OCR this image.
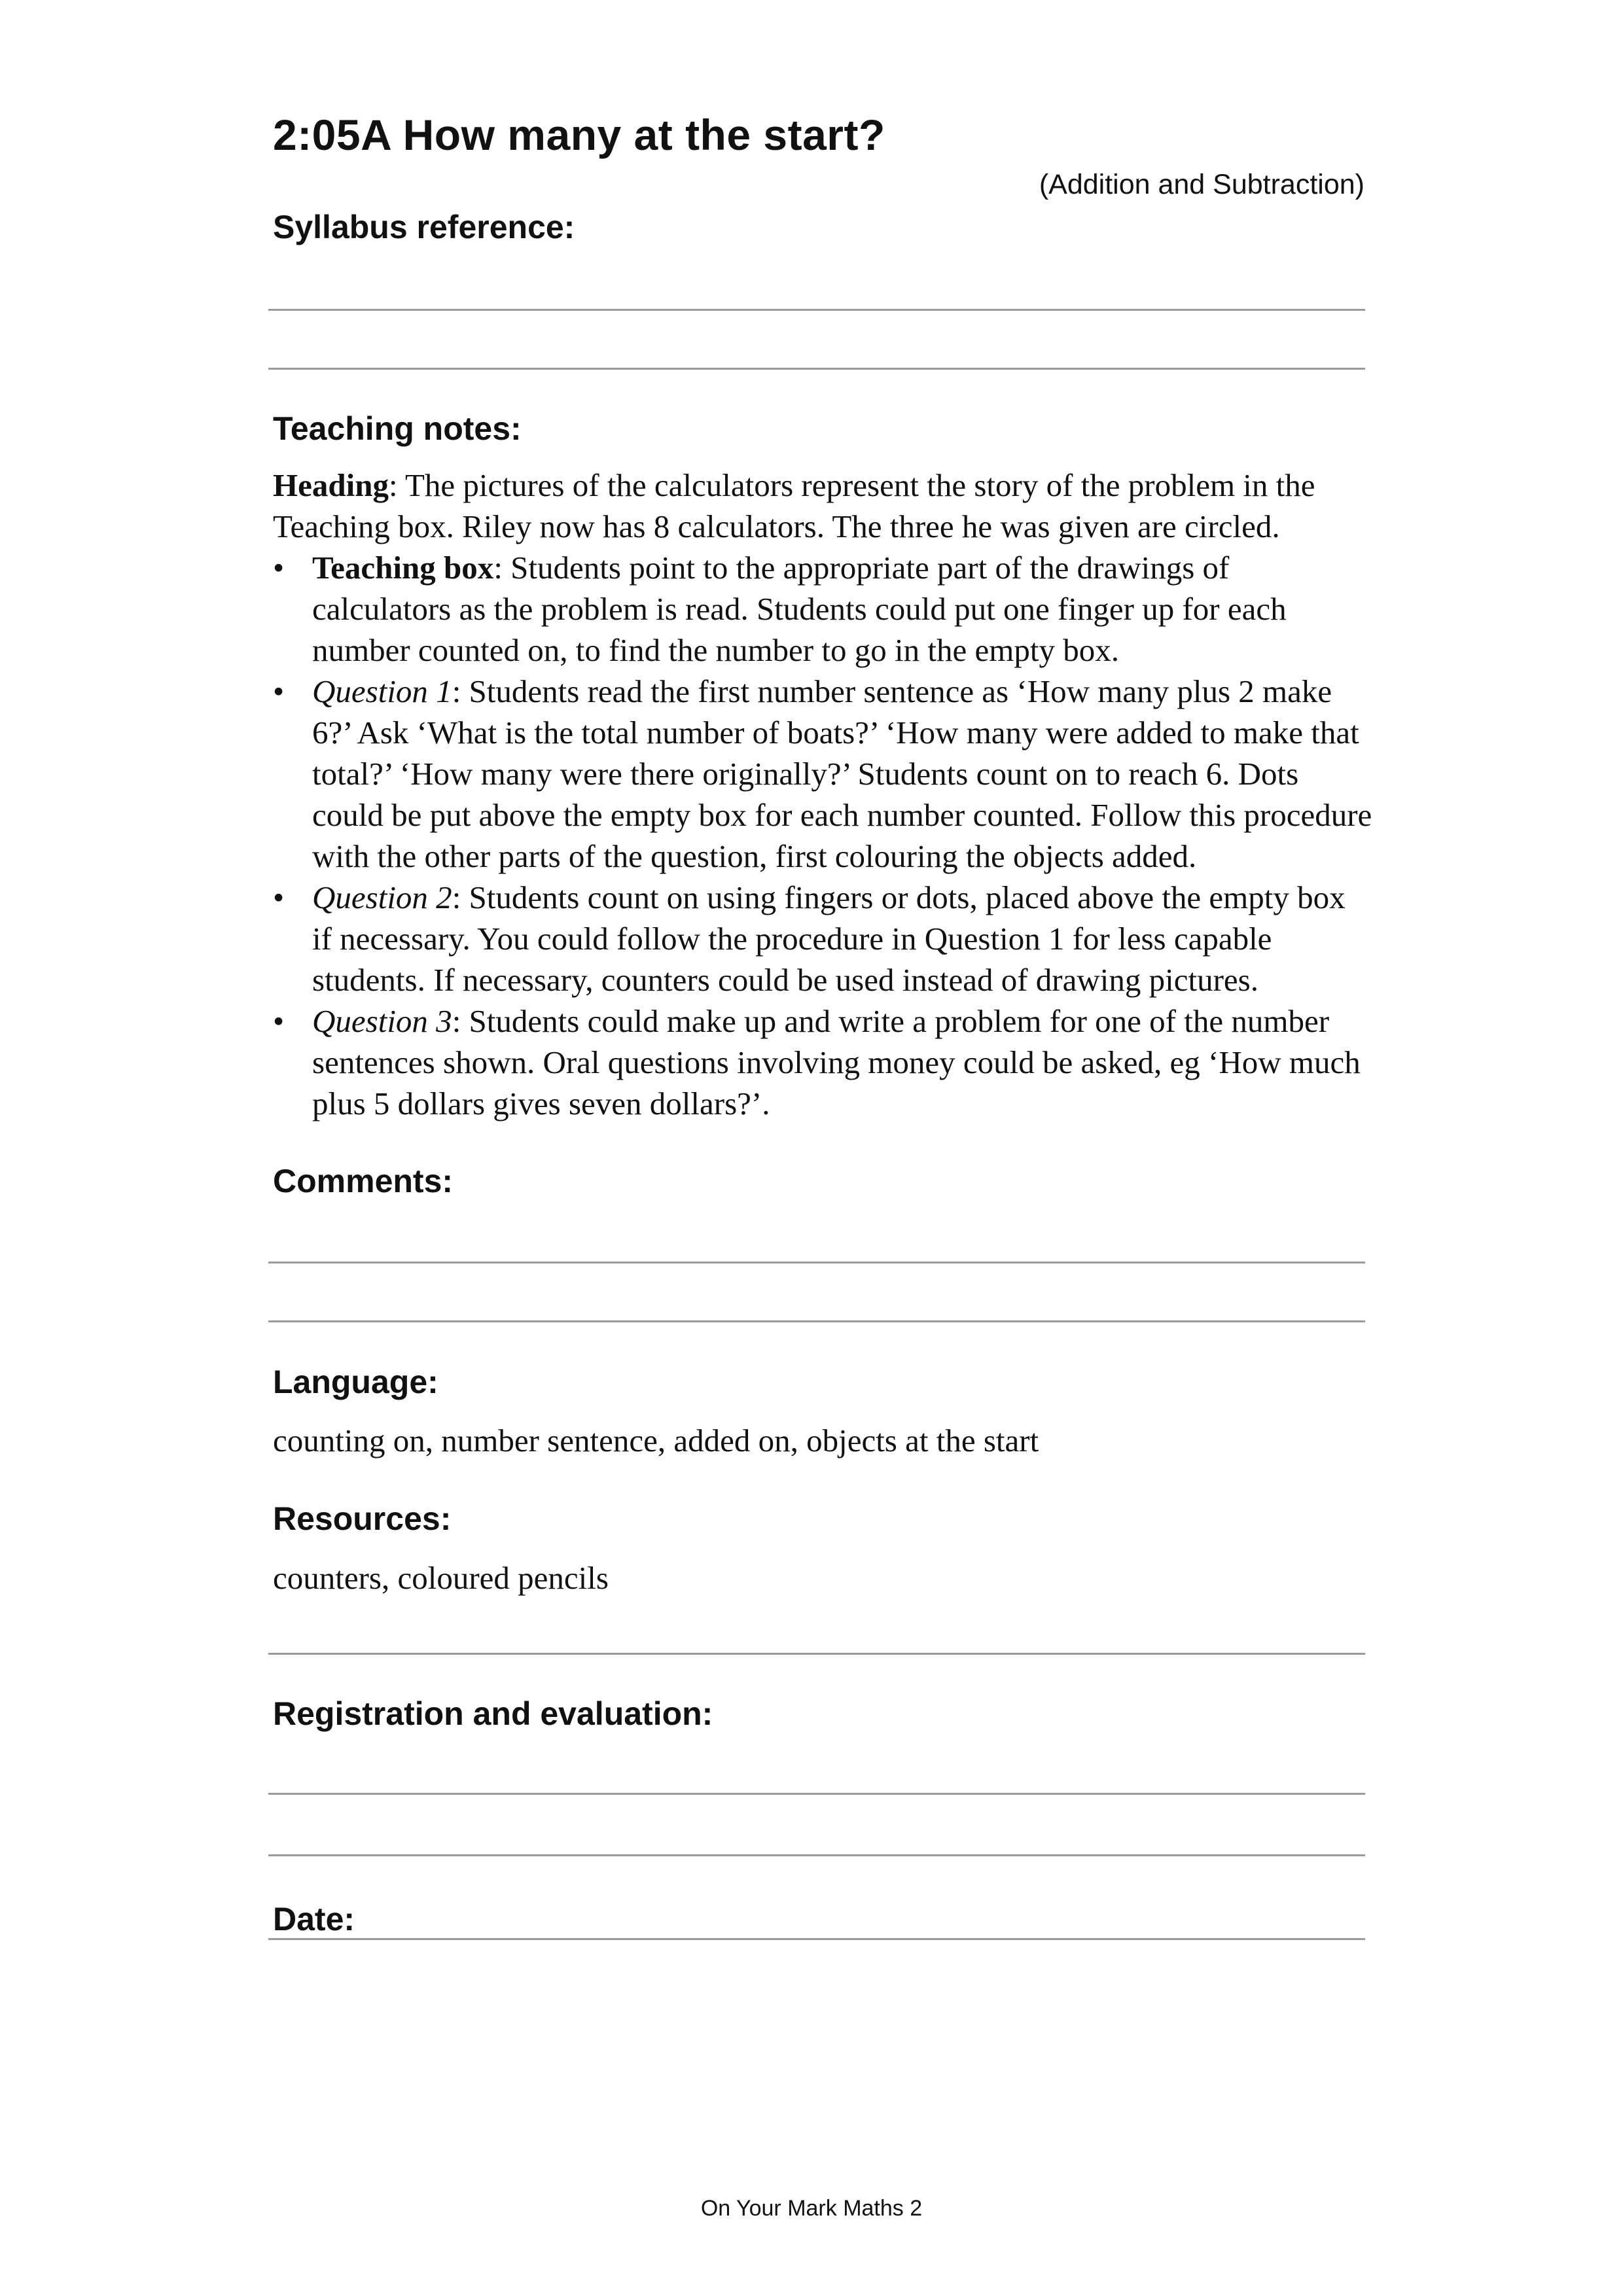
2:05A How many at the start?
(Addition and Subtraction)
Syllabus reference:
Teaching notes:

Heading: The pictures of the calculators represent the story of the problem in the Teaching box. Riley now has 8 calculators. The three he was given are circled.

• Teaching box: Students point to the appropriate part of the drawings of calculators as the problem is read. Students could put one finger up for each number counted on, to find the number to go in the empty box.
• Question 1: Students read the first number sentence as ‘How many plus 2 make 6?’ Ask ‘What is the total number of boats?’ ‘How many were added to make that total?’ ‘How many were there originally?’ Students count on to reach 6. Dots could be put above the empty box for each number counted. Follow this procedure with the other parts of the question, first colouring the objects added.
• Question 2: Students count on using fingers or dots, placed above the empty box if necessary. You could follow the procedure in Question 1 for less capable students. If necessary, counters could be used instead of drawing pictures.
• Question 3: Students could make up and write a problem for one of the number sentences shown. Oral questions involving money could be asked, eg ‘How much plus 5 dollars gives seven dollars?’.
Comments:
Language:
counting on, number sentence, added on, objects at the start
Resources:
counters, coloured pencils
Registration and evaluation:
Date:
On Your Mark Maths 2
